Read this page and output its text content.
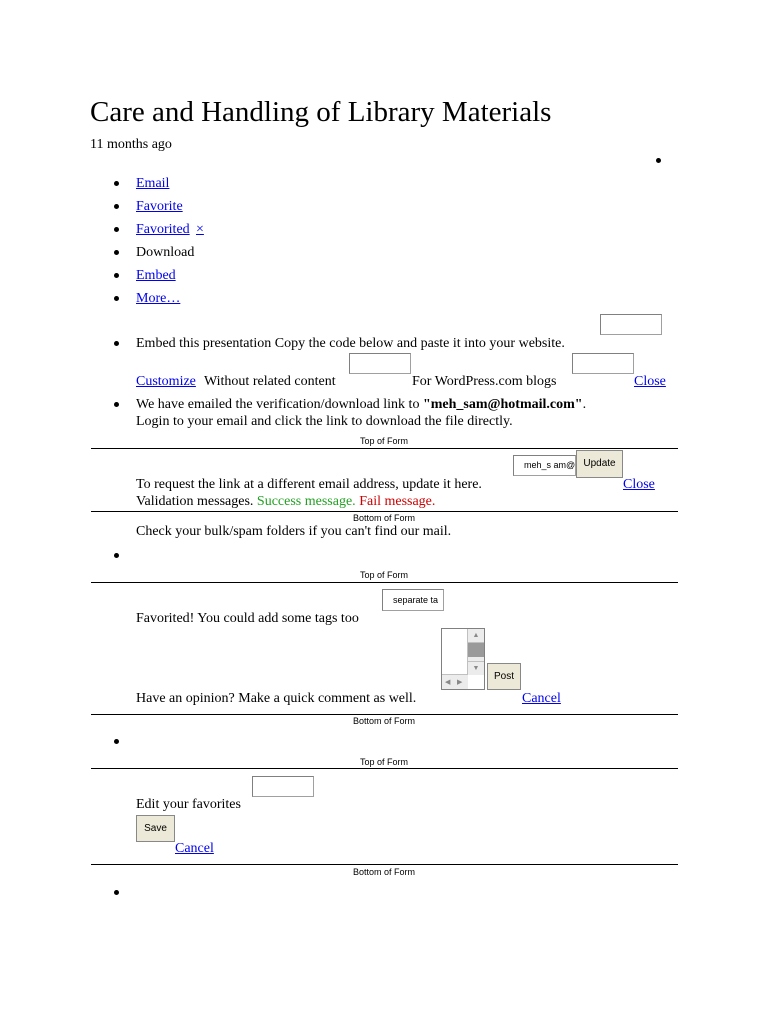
Care and Handling of Library Materials
11 months ago
Email
Favorite
Favorited ×
Download
Embed
More…
Embed this presentation Copy the code below and paste it into your website.
Customize Without related content	For WordPress.com blogs	Close
We have emailed the verification/download link to "meh_sam@hotmail.com".
Login to your email and click the link to download the file directly.
Top of Form
meh_s am@ Update
To request the link at a different email address, update it here.	Close
Validation messages. Success message. Fail message.
Bottom of Form
Check your bulk/spam folders if you can't find our mail.
Top of Form
separate ta
Favorited! You could add some tags too
▲
▼
◀ ▶	Post
Have an opinion? Make a quick comment as well.	Cancel
Bottom of Form
Top of Form
Edit your favorites
Save
Cancel
Bottom of Form
